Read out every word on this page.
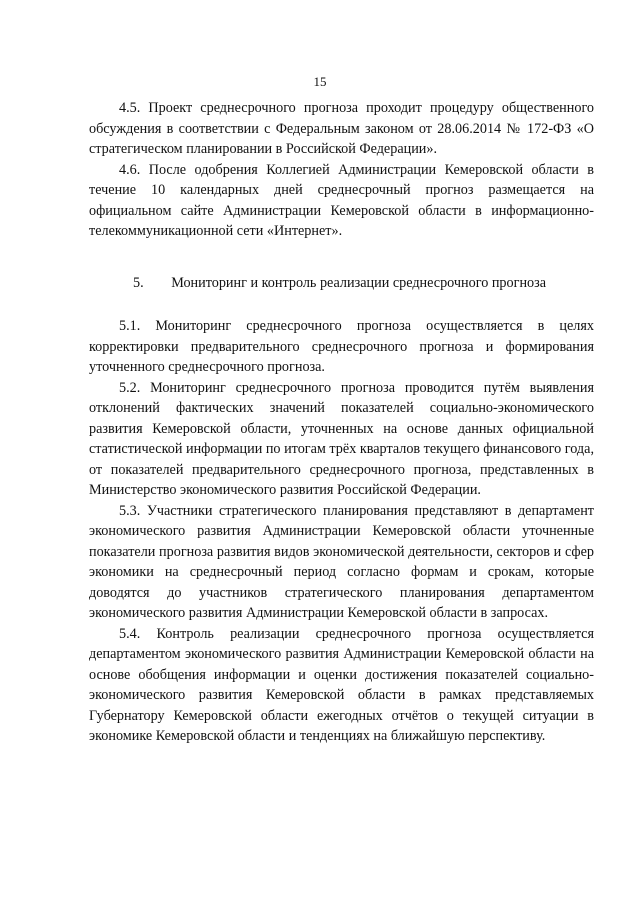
15

4.5. Проект среднесрочного прогноза проходит процедуру общественного обсуждения в соответствии с Федеральным законом от 28.06.2014 № 172-ФЗ «О стратегическом планировании в Российской Федерации».

4.6. После одобрения Коллегией Администрации Кемеровской области в течение 10 календарных дней среднесрочный прогноз размещается на официальном сайте Администрации Кемеровской области в информационно-телекоммуникационной сети «Интернет».

5. Мониторинг и контроль реализации среднесрочного прогноза

5.1. Мониторинг среднесрочного прогноза осуществляется в целях корректировки предварительного среднесрочного прогноза и формирования уточненного среднесрочного прогноза.

5.2. Мониторинг среднесрочного прогноза проводится путём выявления отклонений фактических значений показателей социально-экономического развития Кемеровской области, уточненных на основе данных официальной статистической информации по итогам трёх кварталов текущего финансового года, от показателей предварительного среднесрочного прогноза, представленных в Министерство экономического развития Российской Федерации.

5.3. Участники стратегического планирования представляют в департамент экономического развития Администрации Кемеровской области уточненные показатели прогноза развития видов экономической деятельности, секторов и сфер экономики на среднесрочный период согласно формам и срокам, которые доводятся до участников стратегического планирования департаментом экономического развития Администрации Кемеровской области в запросах.

5.4. Контроль реализации среднесрочного прогноза осуществляется департаментом экономического развития Администрации Кемеровской области на основе обобщения информации и оценки достижения показателей социально-экономического развития Кемеровской области в рамках представляемых Губернатору Кемеровской области ежегодных отчётов о текущей ситуации в экономике Кемеровской области и тенденциях на ближайшую перспективу.
